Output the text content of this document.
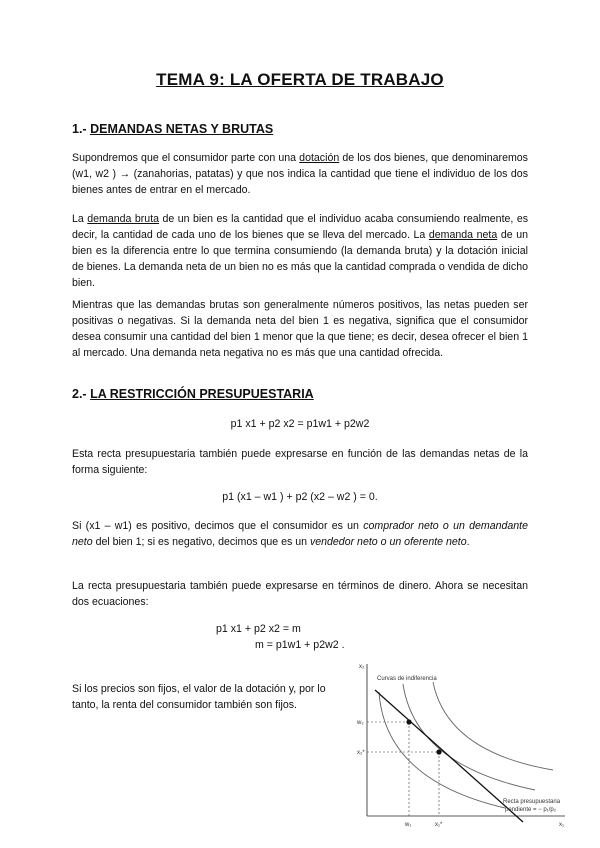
TEMA 9: LA OFERTA DE TRABAJO
1.- DEMANDAS NETAS Y BRUTAS
Supondremos que el consumidor parte con una dotación de los dos bienes, que denominaremos (w1, w2 ) → (zanahorias, patatas) y que nos indica la cantidad que tiene el individuo de los dos bienes antes de entrar en el mercado.
La demanda bruta de un bien es la cantidad que el individuo acaba consumiendo realmente, es decir, la cantidad de cada uno de los bienes que se lleva del mercado. La demanda neta de un bien es la diferencia entre lo que termina consumiendo (la demanda bruta) y la dotación inicial de bienes. La demanda neta de un bien no es más que la cantidad comprada o vendida de dicho bien.
Mientras que las demandas brutas son generalmente números positivos, las netas pueden ser positivas o negativas. Si la demanda neta del bien 1 es negativa, significa que el consumidor desea consumir una cantidad del bien 1 menor que la que tiene; es decir, desea ofrecer el bien 1 al mercado. Una demanda neta negativa no es más que una cantidad ofrecida.
2.- LA RESTRICCIÓN PRESUPUESTARIA
p1 x1 + p2 x2 = p1w1 + p2w2
Esta recta presupuestaria también puede expresarse en función de las demandas netas de la forma siguiente:
p1 (x1 – w1 ) + p2 (x2 – w2 ) = 0.
Si (x1 – w1) es positivo, decimos que el consumidor es un comprador neto o un demandante neto del bien 1; si es negativo, decimos que es un vendedor neto o un oferente neto.
La recta presupuestaria también puede expresarse en términos de dinero. Ahora se necesitan dos ecuaciones:
p1 x1 + p2 x2 = m
m = p1w1 + p2w2 .
Si los precios son fijos, el valor de la dotación y, por lo tanto, la renta del consumidor también son fijos.
x₂
x₁
w₂
x₂*
w₁	x₁*
Curvas de indiferencia
Recta presupuestaria
pendiente = − p₁/p₂
